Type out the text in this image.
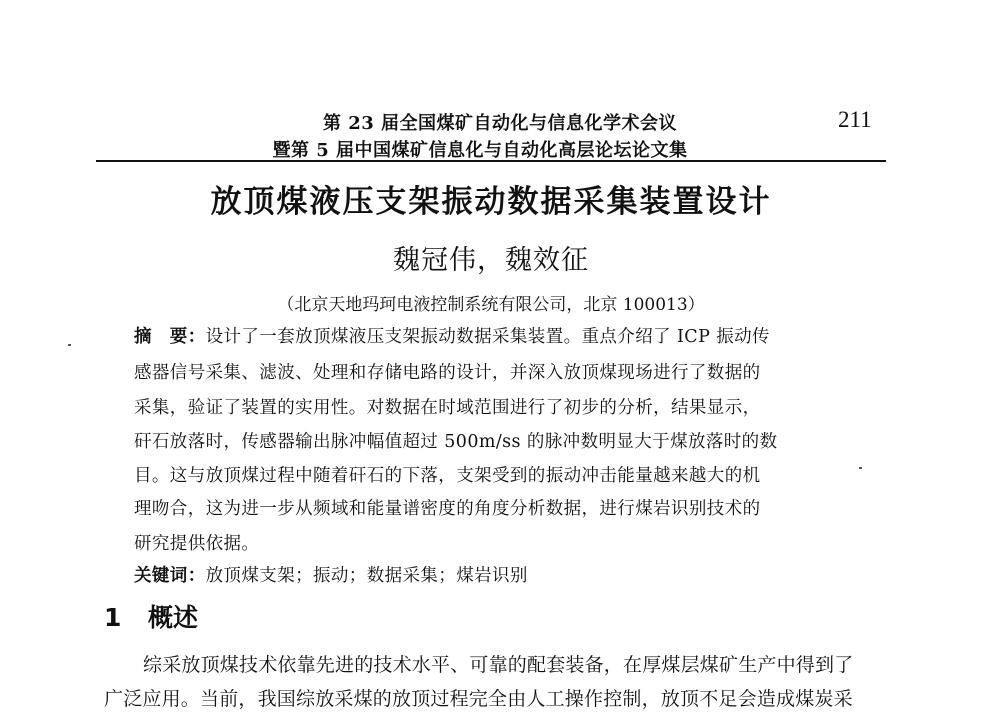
第 23 届全国煤矿自动化与信息化学术会议
暨第 5 届中国煤矿信息化与自动化高层论坛论文集
211
放顶煤液压支架振动数据采集装置设计
魏冠伟，魏效征
（北京天地玛珂电液控制系统有限公司，北京 100013）
摘　要：设计了一套放顶煤液压支架振动数据采集装置。重点介绍了 ICP 振动传
感器信号采集、滤波、处理和存储电路的设计，并深入放顶煤现场进行了数据的
采集，验证了装置的实用性。对数据在时域范围进行了初步的分析，结果显示，
矸石放落时，传感器输出脉冲幅值超过 500m/ss 的脉冲数明显大于煤放落时的数
目。这与放顶煤过程中随着矸石的下落，支架受到的振动冲击能量越来越大的机
理吻合，这为进一步从频域和能量谱密度的角度分析数据，进行煤岩识别技术的
研究提供依据。
关键词：放顶煤支架；振动；数据采集；煤岩识别
1 概述
综采放顶煤技术依靠先进的技术水平、可靠的配套装备，在厚煤层煤矿生产中得到了
广泛应用。当前，我国综放采煤的放顶过程完全由人工操作控制，放顶不足会造成煤炭采
